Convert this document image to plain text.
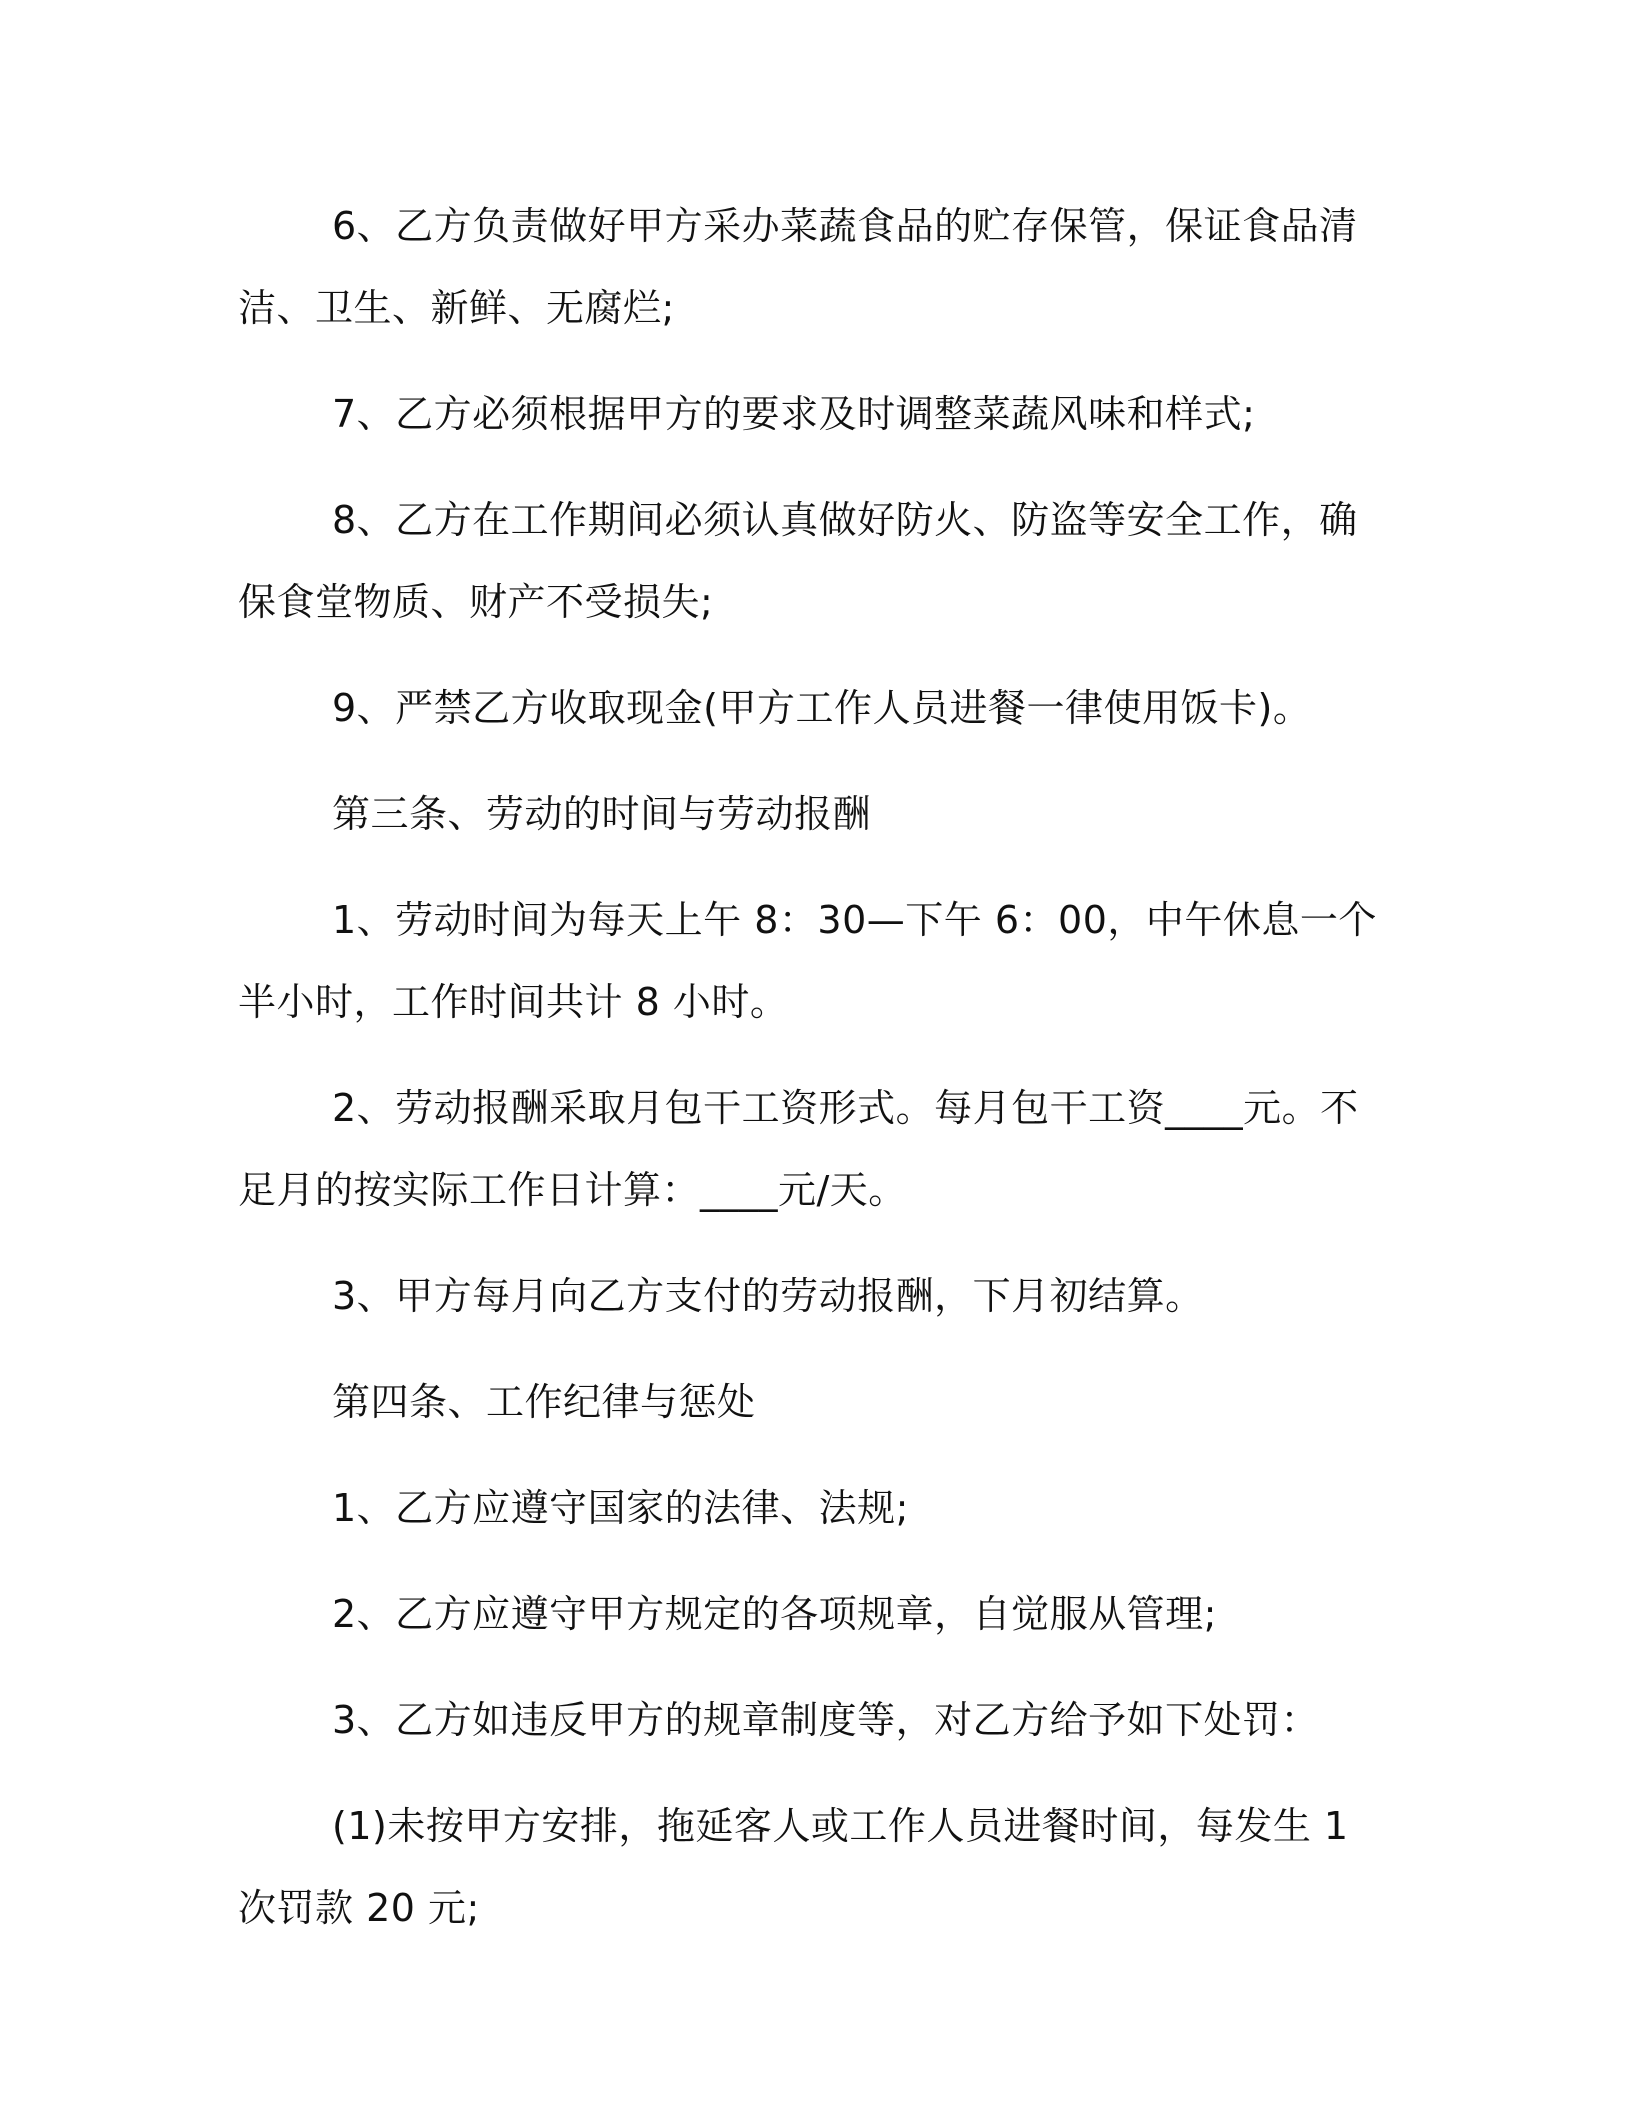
6、乙方负责做好甲方采办菜蔬食品的贮存保管，保证食品清洁、卫生、新鲜、无腐烂;

7、乙方必须根据甲方的要求及时调整菜蔬风味和样式;

8、乙方在工作期间必须认真做好防火、防盗等安全工作，确保食堂物质、财产不受损失;

9、严禁乙方收取现金(甲方工作人员进餐一律使用饭卡)。

第三条、劳动的时间与劳动报酬

1、劳动时间为每天上午 8：30—下午 6：00，中午休息一个半小时，工作时间共计 8 小时。

2、劳动报酬采取月包干工资形式。每月包干工资____元。不足月的按实际工作日计算：____元/天。

3、甲方每月向乙方支付的劳动报酬，下月初结算。

第四条、工作纪律与惩处

1、乙方应遵守国家的法律、法规;

2、乙方应遵守甲方规定的各项规章，自觉服从管理;

3、乙方如违反甲方的规章制度等，对乙方给予如下处罚：

(1)未按甲方安排，拖延客人或工作人员进餐时间，每发生 1 次罚款 20 元;
